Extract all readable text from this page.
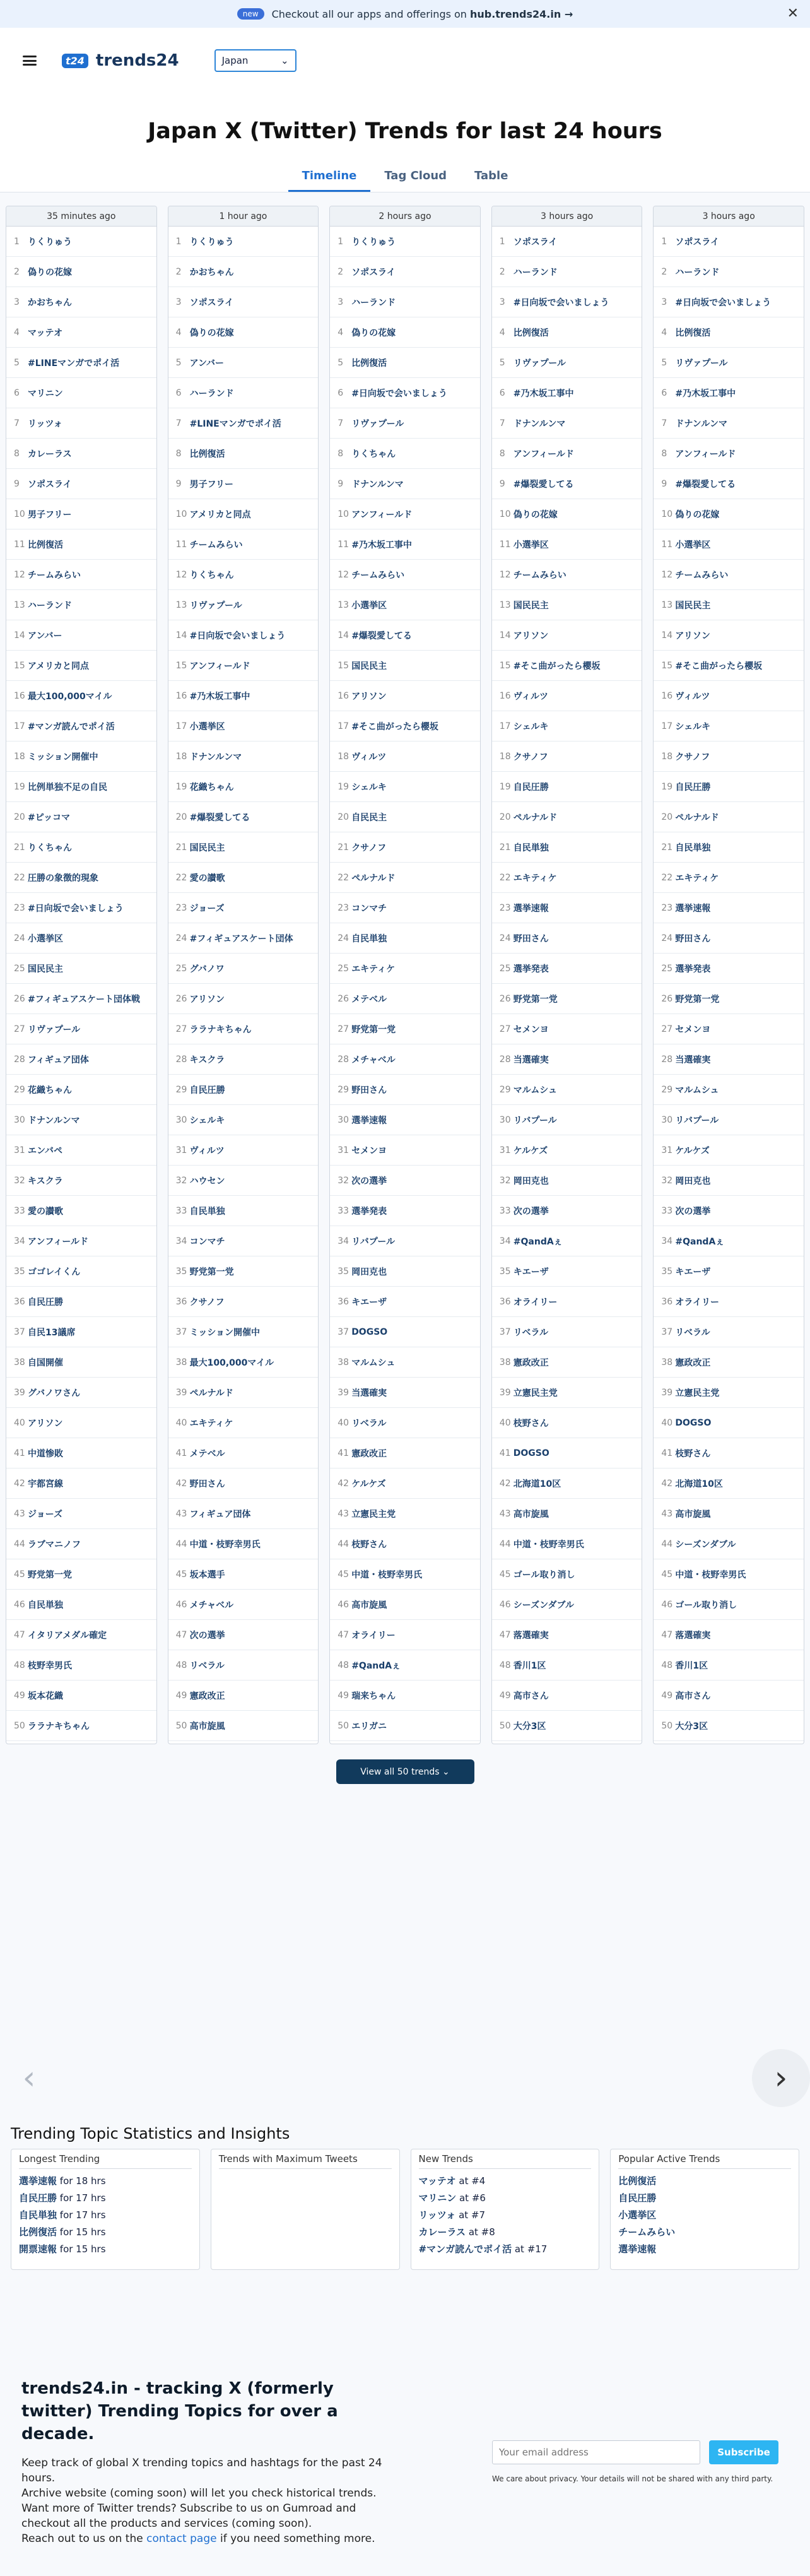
new	Checkout all our apps and offerings on hub.trends24.in →	✕
t24 trends24	Japan	⌄
Japan X (Twitter) Trends for last 24 hours
Timeline	Tag Cloud	Table
35 minutes ago
1 りくりゅう
2 偽りの花嫁
3 かおちゃん
4 マッテオ
5 #LINEマンガでポイ活
6 マリニン
7 リッツォ
8 カレーラス
9 ソポスライ
10 男子フリー
11 比例復活
12 チームみらい
13 ハーランド
14 アンバー
15 アメリカと同点
16 最大100,000マイル
17 #マンガ読んでポイ活
18 ミッション開催中
19 比例単独不足の自民
20 #ピッコマ
21 りくちゃん
22 圧勝の象徴的現象
23 #日向坂で会いましょう
24 小選挙区
25 国民民主
26 #フィギュアスケート団体戦
27 リヴァプール
28 フィギュア団体
29 花織ちゃん
30 ドナンルンマ
31 エンバペ
32 キスクラ
33 愛の讃歌
34 アンフィールド
35 ゴゴレイくん
36 自民圧勝
37 自民13議席
38 自国開催
39 グバノワさん
40 アリソン
41 中道惨敗
42 宇都宮線
43 ジョーズ
44 ラブマニノフ
45 野党第一党
46 自民単独
47 イタリアメダル確定
48 枝野幸男氏
49 坂本花織
50 ララナキちゃん
1 hour ago
1 りくりゅう
2 かおちゃん
3 ソポスライ
4 偽りの花嫁
5 アンバー
6 ハーランド
7 #LINEマンガでポイ活
8 比例復活
9 男子フリー
10 アメリカと同点
11 チームみらい
12 りくちゃん
13 リヴァプール
14 #日向坂で会いましょう
15 アンフィールド
16 #乃木坂工事中
17 小選挙区
18 ドナンルンマ
19 花織ちゃん
20 #爆裂愛してる
21 国民民主
22 愛の讃歌
23 ジョーズ
24 #フィギュアスケート団体
25 グバノワ
26 アリソン
27 ララナキちゃん
28 キスクラ
29 自民圧勝
30 シェルキ
31 ヴィルツ
32 ハウセン
33 自民単独
34 コンマチ
35 野党第一党
36 クサノフ
37 ミッション開催中
38 最大100,000マイル
39 ペルナルド
40 エキティケ
41 メテベル
42 野田さん
43 フィギュア団体
44 中道・枝野幸男氏
45 坂本選手
46 メチャベル
47 次の選挙
48 リベラル
49 憲政改正
50 高市旋風
2 hours ago
1 りくりゅう
2 ソポスライ
3 ハーランド
4 偽りの花嫁
5 比例復活
6 #日向坂で会いましょう
7 リヴァプール
8 りくちゃん
9 ドナンルンマ
10 アンフィールド
11 #乃木坂工事中
12 チームみらい
13 小選挙区
14 #爆裂愛してる
15 国民民主
16 アリソン
17 #そこ曲がったら櫻坂
18 ヴィルツ
19 シェルキ
20 自民民主
21 クサノフ
22 ペルナルド
23 コンマチ
24 自民単独
25 エキティケ
26 メテベル
27 野党第一党
28 メチャベル
29 野田さん
30 選挙速報
31 セメンヨ
32 次の選挙
33 選挙発表
34 リバプール
35 岡田克也
36 キエーザ
37 DOGSO
38 マルムシュ
39 当選確実
40 リベラル
41 憲政改正
42 ケルケズ
43 立憲民主党
44 枝野さん
45 中道・枝野幸男氏
46 高市旋風
47 オライリー
48 #QandAぇ
49 瑞来ちゃん
50 エリガニ
3 hours ago
1 ソポスライ
2 ハーランド
3 #日向坂で会いましょう
4 比例復活
5 リヴァプール
6 #乃木坂工事中
7 ドナンルンマ
8 アンフィールド
9 #爆裂愛してる
10 偽りの花嫁
11 小選挙区
12 チームみらい
13 国民民主
14 アリソン
15 #そこ曲がったら櫻坂
16 ヴィルツ
17 シェルキ
18 クサノフ
19 自民圧勝
20 ペルナルド
21 自民単独
22 エキティケ
23 選挙速報
24 野田さん
25 選挙発表
26 野党第一党
27 セメンヨ
28 当選確実
29 マルムシュ
30 リバプール
31 ケルケズ
32 岡田克也
33 次の選挙
34 #QandAぇ
35 キエーザ
36 オライリー
37 リベラル
38 憲政改正
39 立憲民主党
40 枝野さん
41 DOGSO
42 北海道10区
43 高市旋風
44 中道・枝野幸男氏
45 ゴール取り消し
46 シーズンダブル
47 落選確実
48 香川1区
49 高市さん
50 大分3区
3 hours ago
1 ソポスライ
2 ハーランド
3 #日向坂で会いましょう
4 比例復活
5 リヴァプール
6 #乃木坂工事中
7 ドナンルンマ
8 アンフィールド
9 #爆裂愛してる
10 偽りの花嫁
11 小選挙区
12 チームみらい
13 国民民主
14 アリソン
15 #そこ曲がったら櫻坂
16 ヴィルツ
17 シェルキ
18 クサノフ
19 自民圧勝
20 ペルナルド
21 自民単独
22 エキティケ
23 選挙速報
24 野田さん
25 選挙発表
26 野党第一党
27 セメンヨ
28 当選確実
29 マルムシュ
30 リバプール
31 ケルケズ
32 岡田克也
33 次の選挙
34 #QandAぇ
35 キエーザ
36 オライリー
37 リベラル
38 憲政改正
39 立憲民主党
40 DOGSO
41 枝野さん
42 北海道10区
43 高市旋風
44 シーズンダブル
45 中道・枝野幸男氏
46 ゴール取り消し
47 落選確実
48 香川1区
49 高市さん
50 大分3区
View all 50 trends ⌄
‹	›
Trending Topic Statistics and Insights
Longest Trending
選挙速報 for 18 hrs
自民圧勝 for 17 hrs
自民単独 for 17 hrs
比例復活 for 15 hrs
開票速報 for 15 hrs
Trends with Maximum Tweets	New Trends
マッテオ at #4
マリニン at #6
リッツォ at #7
カレーラス at #8
#マンガ読んでポイ活 at #17
Popular Active Trends
比例復活
自民圧勝
小選挙区
チームみらい
選挙速報
trends24.in - tracking X (formerly twitter) Trending Topics for over a decade.

Keep track of global X trending topics and hashtags for the past 24 hours.
Archive website (coming soon) will let you check historical trends.
Want more of Twitter trends? Subscribe to us on Gumroad and checkout all the products and services (coming soon).
Reach out to us on the contact page if you need something more.

Your email address
Subscribe
We care about privacy. Your details will not be shared with any third party.
